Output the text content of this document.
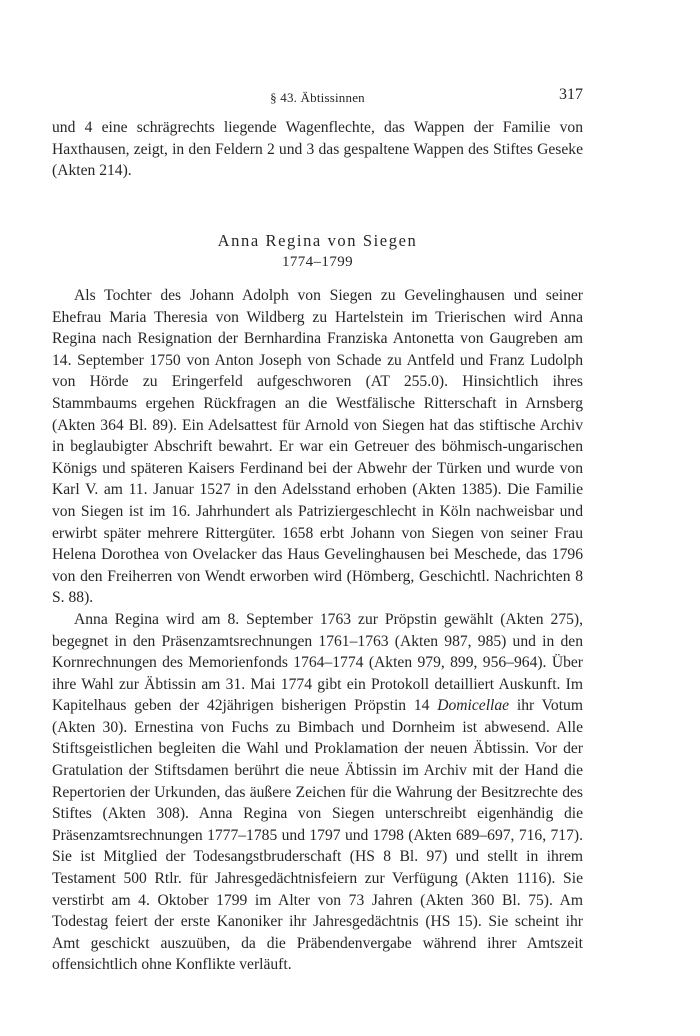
§ 43. Äbtissinnen	317

und 4 eine schrägrechts liegende Wagenflechte, das Wappen der Familie von Haxthausen, zeigt, in den Feldern 2 und 3 das gespaltene Wappen des Stiftes Geseke (Akten 214).

Anna Regina von Siegen
1774–1799

Als Tochter des Johann Adolph von Siegen zu Gevelinghausen und seiner Ehefrau Maria Theresia von Wildberg zu Hartelstein im Trierischen wird Anna Regina nach Resignation der Bernhardina Franziska Antonetta von Gaugreben am 14. September 1750 von Anton Joseph von Schade zu Antfeld und Franz Ludolph von Hörde zu Eringerfeld aufgeschworen (AT 255.0). Hinsichtlich ihres Stammbaums ergehen Rückfragen an die Westfälische Ritterschaft in Arnsberg (Akten 364 Bl. 89). Ein Adelsattest für Arnold von Siegen hat das stiftische Archiv in beglaubigter Abschrift bewahrt. Er war ein Getreuer des böhmisch-ungarischen Königs und späteren Kaisers Ferdinand bei der Abwehr der Türken und wurde von Karl V. am 11. Januar 1527 in den Adelsstand erhoben (Akten 1385). Die Familie von Siegen ist im 16. Jahrhundert als Patriziergeschlecht in Köln nachweisbar und erwirbt später mehrere Rittergüter. 1658 erbt Johann von Siegen von seiner Frau Helena Dorothea von Ovelacker das Haus Gevelinghausen bei Meschede, das 1796 von den Freiherren von Wendt erworben wird (Hömberg, Geschichtl. Nachrichten 8 S. 88).

Anna Regina wird am 8. September 1763 zur Pröpstin gewählt (Akten 275), begegnet in den Präsenzamtsrechnungen 1761–1763 (Akten 987, 985) und in den Kornrechnungen des Memorienfonds 1764–1774 (Akten 979, 899, 956–964). Über ihre Wahl zur Äbtissin am 31. Mai 1774 gibt ein Protokoll detailliert Auskunft. Im Kapitelhaus geben der 42jährigen bisherigen Pröpstin 14 Domicellae ihr Votum (Akten 30). Ernestina von Fuchs zu Bimbach und Dornheim ist abwesend. Alle Stiftsgeistlichen begleiten die Wahl und Proklamation der neuen Äbtissin. Vor der Gratulation der Stiftsdamen berührt die neue Äbtissin im Archiv mit der Hand die Repertorien der Urkunden, das äußere Zeichen für die Wahrung der Besitzrechte des Stiftes (Akten 308). Anna Regina von Siegen unterschreibt eigenhändig die Präsenzamtsrechnungen 1777–1785 und 1797 und 1798 (Akten 689–697, 716, 717). Sie ist Mitglied der Todesangstbruderschaft (HS 8 Bl. 97) und stellt in ihrem Testament 500 Rtlr. für Jahresgedächtnisfeiern zur Verfügung (Akten 1116). Sie verstirbt am 4. Oktober 1799 im Alter von 73 Jahren (Akten 360 Bl. 75). Am Todestag feiert der erste Kanoniker ihr Jahresgedächtnis (HS 15). Sie scheint ihr Amt geschickt auszuüben, da die Präbendenvergabe während ihrer Amtszeit offensichtlich ohne Konflikte verläuft.
